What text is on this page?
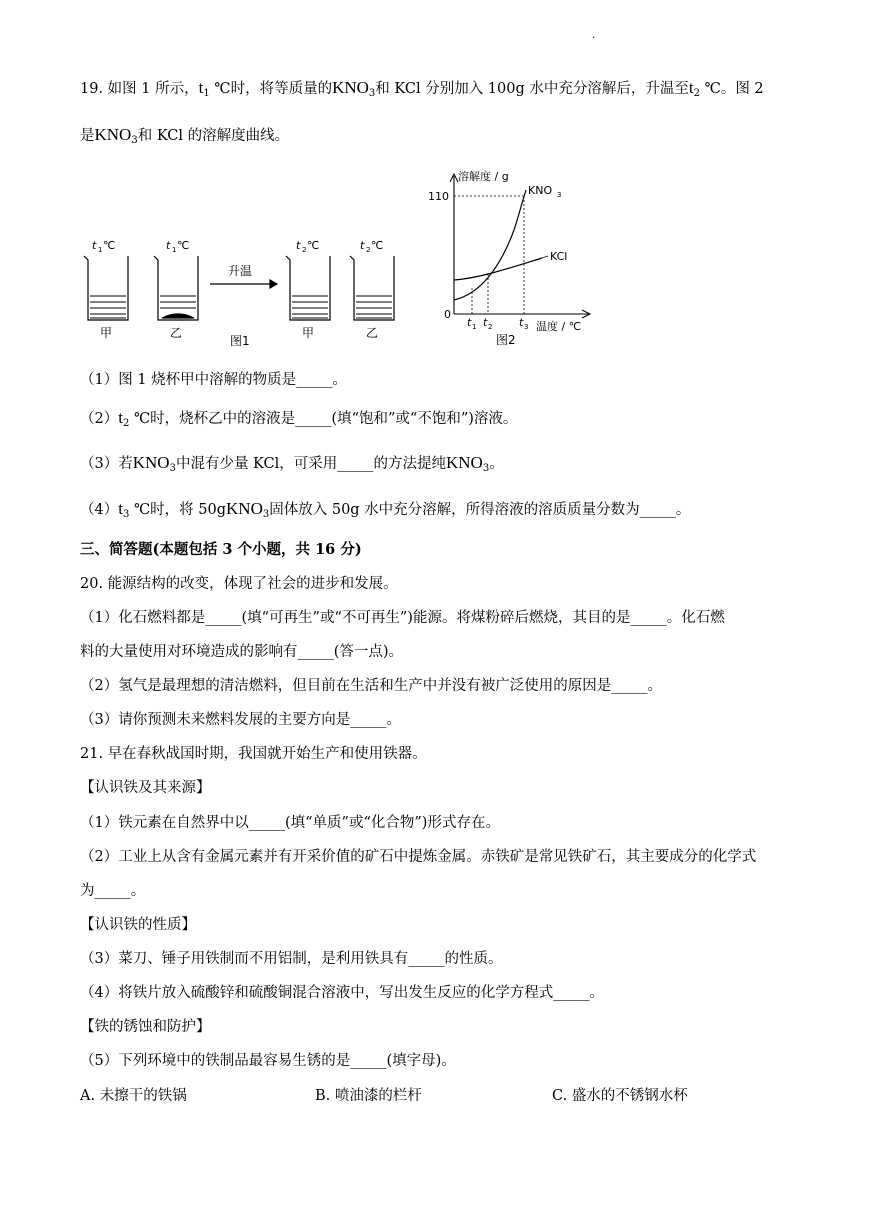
.
19. 如图 1 所示，$t_1$ ℃时，将等质量的$KNO_3$和 KCl 分别加入 100g 水中充分溶解后，升温至$t_2$ ℃。图 2
是$KNO_3$和 KCl 的溶解度曲线。
t 1 ℃	t 1 ℃	t 2 ℃	t 2 ℃
升温
甲	乙	甲	乙
图1
溶解度 / g
110
0
KNO 3
KCl
t 1 t 2 t 3 温度 / ℃
图2
（1）图 1 烧杯甲中溶解的物质是_____。
$(2)t_2$ ℃时，烧杯乙中的溶液是_____(填“饱和”或“不饱和”)溶液。
（3）若$KNO_3$中混有少量 KCl，可采用_____的方法提纯$KNO_3$。
$(4)t_3$ ℃时，将 50gKNO$_3$固体放入 50g 水中充分溶解，所得溶液的溶质质量分数为_____。
三、简答题(本题包括 3 个小题，共 16 分)
20. 能源结构的改变，体现了社会的进步和发展。
（1）化石燃料都是_____(填“可再生”或“不可再生”)能源。将煤粉碎后燃烧，其目的是_____。化石燃
料的大量使用对环境造成的影响有_____(答一点)。
（2）氢气是最理想的清洁燃料，但目前在生活和生产中并没有被广泛使用的原因是_____。
（3）请你预测未来燃料发展的主要方向是_____。
21. 早在春秋战国时期，我国就开始生产和使用铁器。
【认识铁及其来源】
（1）铁元素在自然界中以_____(填“单质”或“化合物”)形式存在。
（2）工业上从含有金属元素并有开采价值的矿石中提炼金属。赤铁矿是常见铁矿石，其主要成分的化学式
为_____。
【认识铁的性质】
（3）菜刀、锤子用铁制而不用铝制，是利用铁具有_____的性质。
（4）将铁片放入硫酸锌和硫酸铜混合溶液中，写出发生反应的化学方程式_____。
【铁的锈蚀和防护】
（5）下列环境中的铁制品最容易生锈的是_____(填字母)。
A. 未擦干的铁锅	B. 喷油漆的栏杆	C. 盛水的不锈钢水杯
